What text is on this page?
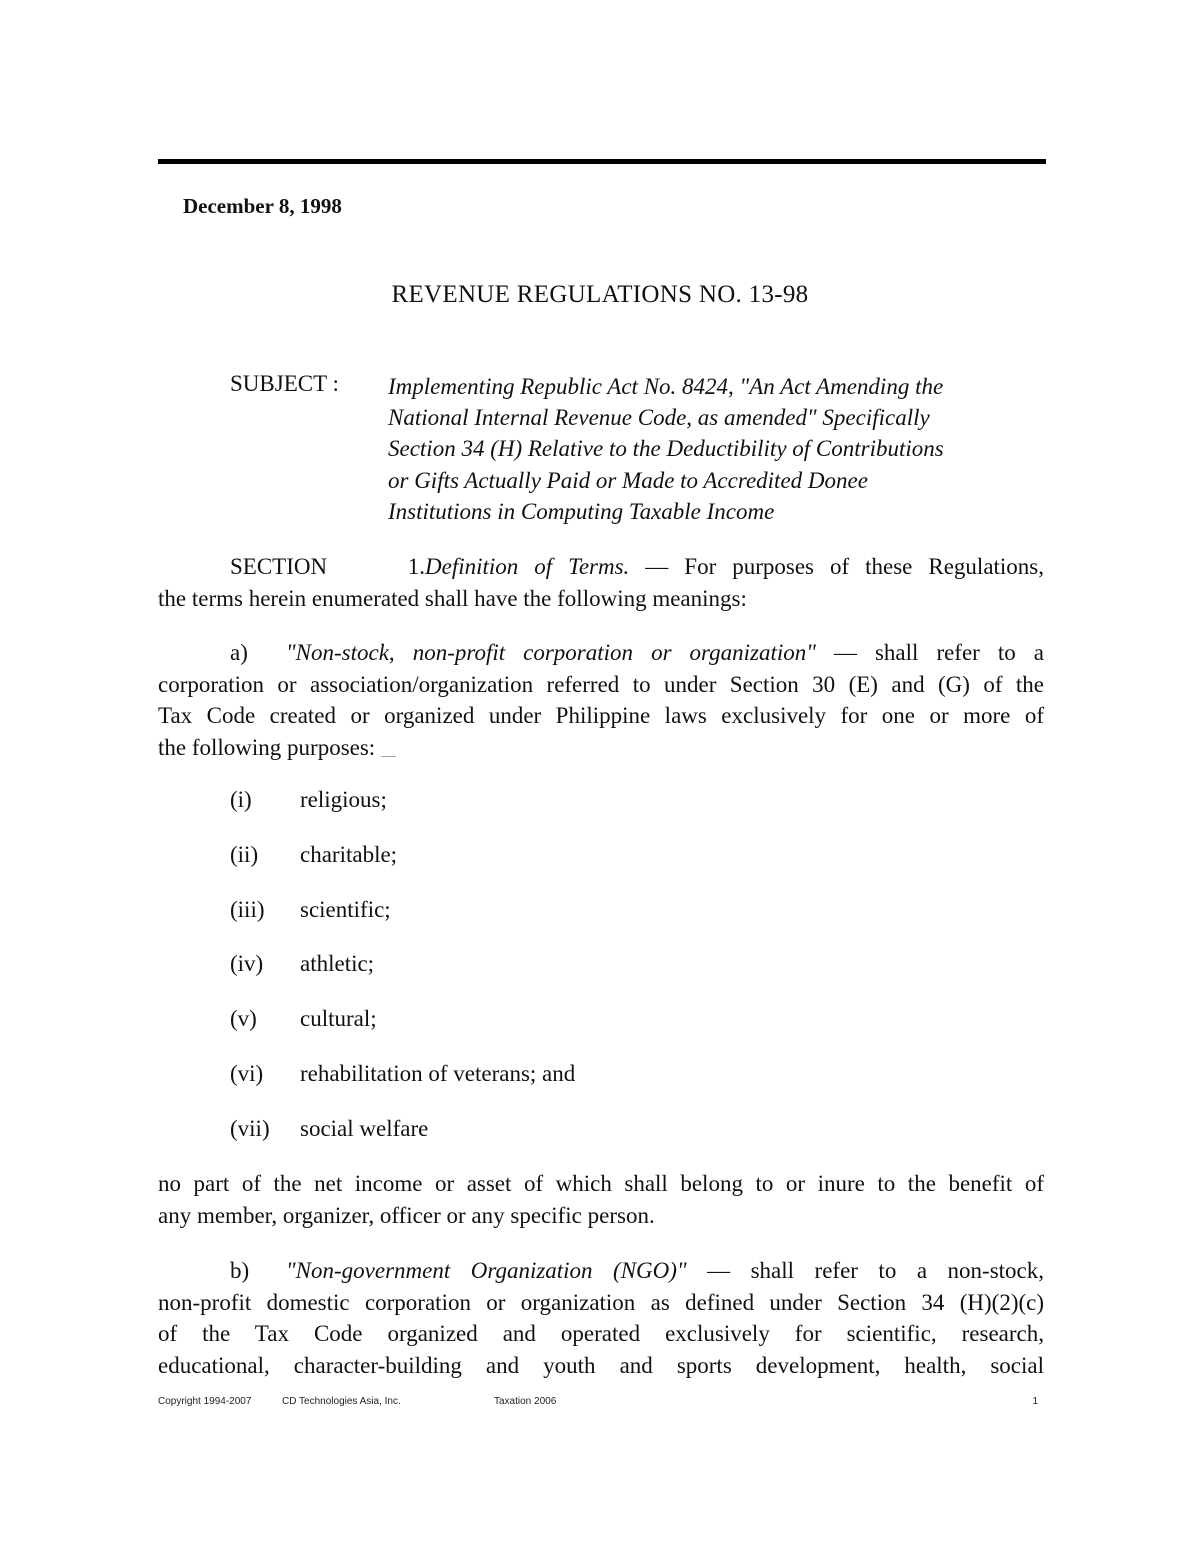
December 8, 1998
REVENUE REGULATIONS NO. 13-98
SUBJECT : Implementing Republic Act No. 8424, "An Act Amending the
National Internal Revenue Code, as amended" Specifically
Section 34 (H) Relative to the Deductibility of Contributions
or Gifts Actually Paid or Made to Accredited Donee
Institutions in Computing Taxable Income
SECTION 1.Definition of Terms. — For purposes of these Regulations,
the terms herein enumerated shall have the following meanings:
a) "Non-stock, non-profit corporation or organization" — shall refer to a
corporation or association/organization referred to under Section 30 (E) and (G) of the
Tax Code created or organized under Philippine laws exclusively for one or more of
the following purposes: ___
(i) religious;
(ii) charitable;
(iii) scientific;
(iv) athletic;
(v) cultural;
(vi) rehabilitation of veterans; and
(vii) social welfare
no part of the net income or asset of which shall belong to or inure to the benefit of
any member, organizer, officer or any specific person.
b) "Non-government Organization (NGO)" — shall refer to a non-stock,
non-profit domestic corporation or organization as defined under Section 34 (H)(2)(c)
of the Tax Code organized and operated exclusively for scientific, research,
educational, character-building and youth and sports development, health, social
Copyright 1994-2007	CD Technologies Asia, Inc.	Taxation 2006	1
